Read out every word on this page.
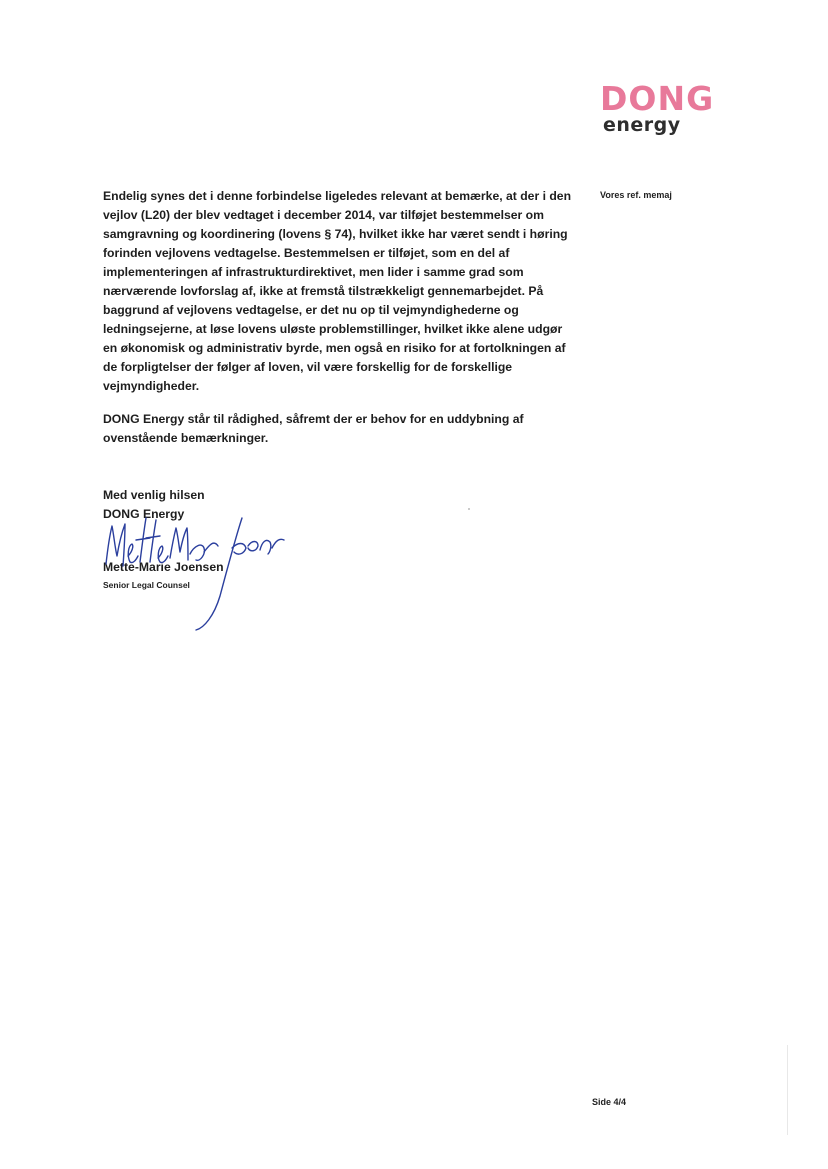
DONG
energy
Vores ref. memaj

Endelig synes det i denne forbindelse ligeledes relevant at bemærke, at der i den vejlov (L20) der blev vedtaget i december 2014, var tilføjet bestemmelser om samgravning og koordinering (lovens § 74), hvilket ikke har været sendt i høring forinden vejlovens vedtagelse. Bestemmelsen er tilføjet, som en del af implementeringen af infrastrukturdirektivet, men lider i samme grad som nærværende lovforslag af, ikke at fremstå tilstrækkeligt gennemarbejdet. På baggrund af vejlovens vedtagelse, er det nu op til vejmyndighederne og ledningsejerne, at løse lovens uløste problemstillinger, hvilket ikke alene udgør en økonomisk og administrativ byrde, men også en risiko for at fortolkningen af de forpligtelser der følger af loven, vil være forskellig for de forskellige vejmyndigheder.

DONG Energy står til rådighed, såfremt der er behov for en uddybning af ovenstående bemærkninger.

Med venlig hilsen
DONG Energy
Mette-Marie Joensen
Senior Legal Counsel
Side 4/4
